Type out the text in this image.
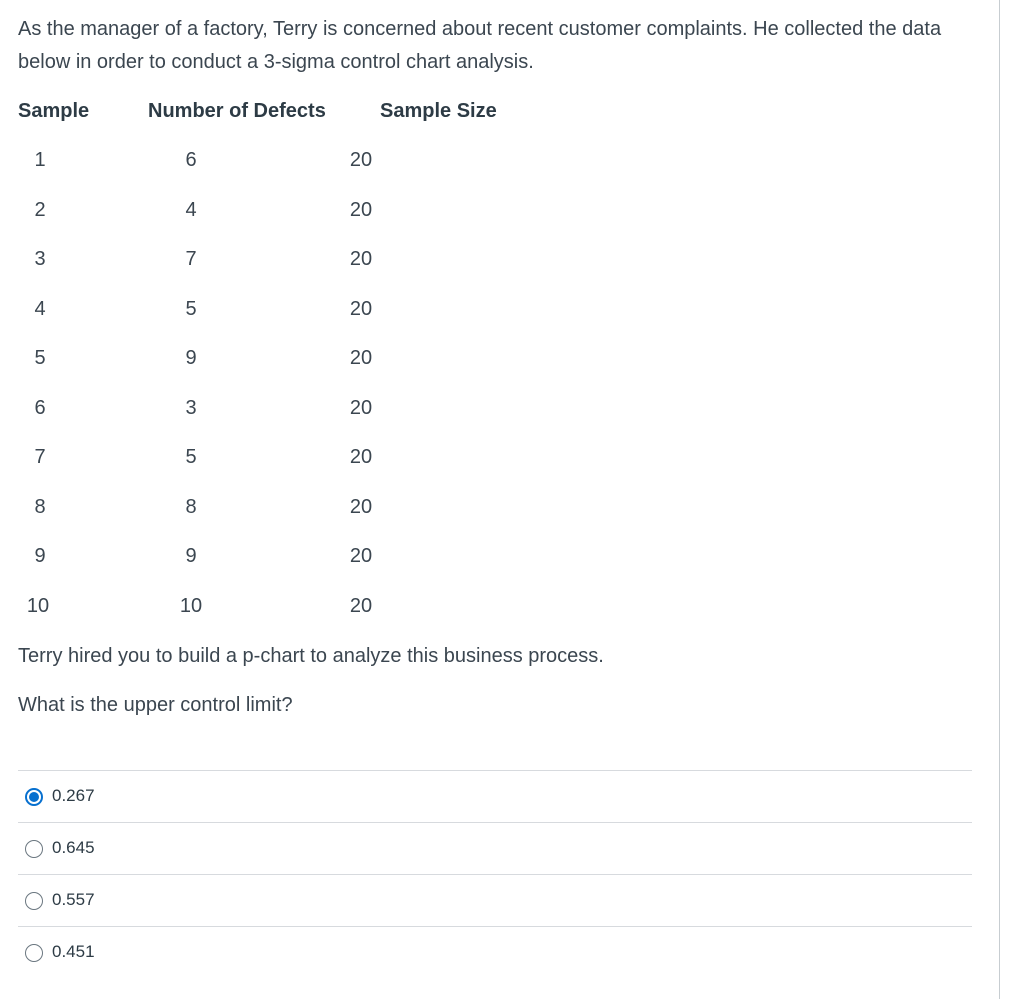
As the manager of a factory, Terry is concerned about recent customer complaints. He collected the data below in order to conduct a 3-sigma control chart analysis.

Sample	Number of Defects	Sample Size
1	6	20
2	4	20
3	7	20
4	5	20
5	9	20
6	3	20
7	5	20
8	8	20
9	9	20
10	10	20

Terry hired you to build a p-chart to analyze this business process.

What is the upper control limit?

0.267
0.645
0.557
0.451
